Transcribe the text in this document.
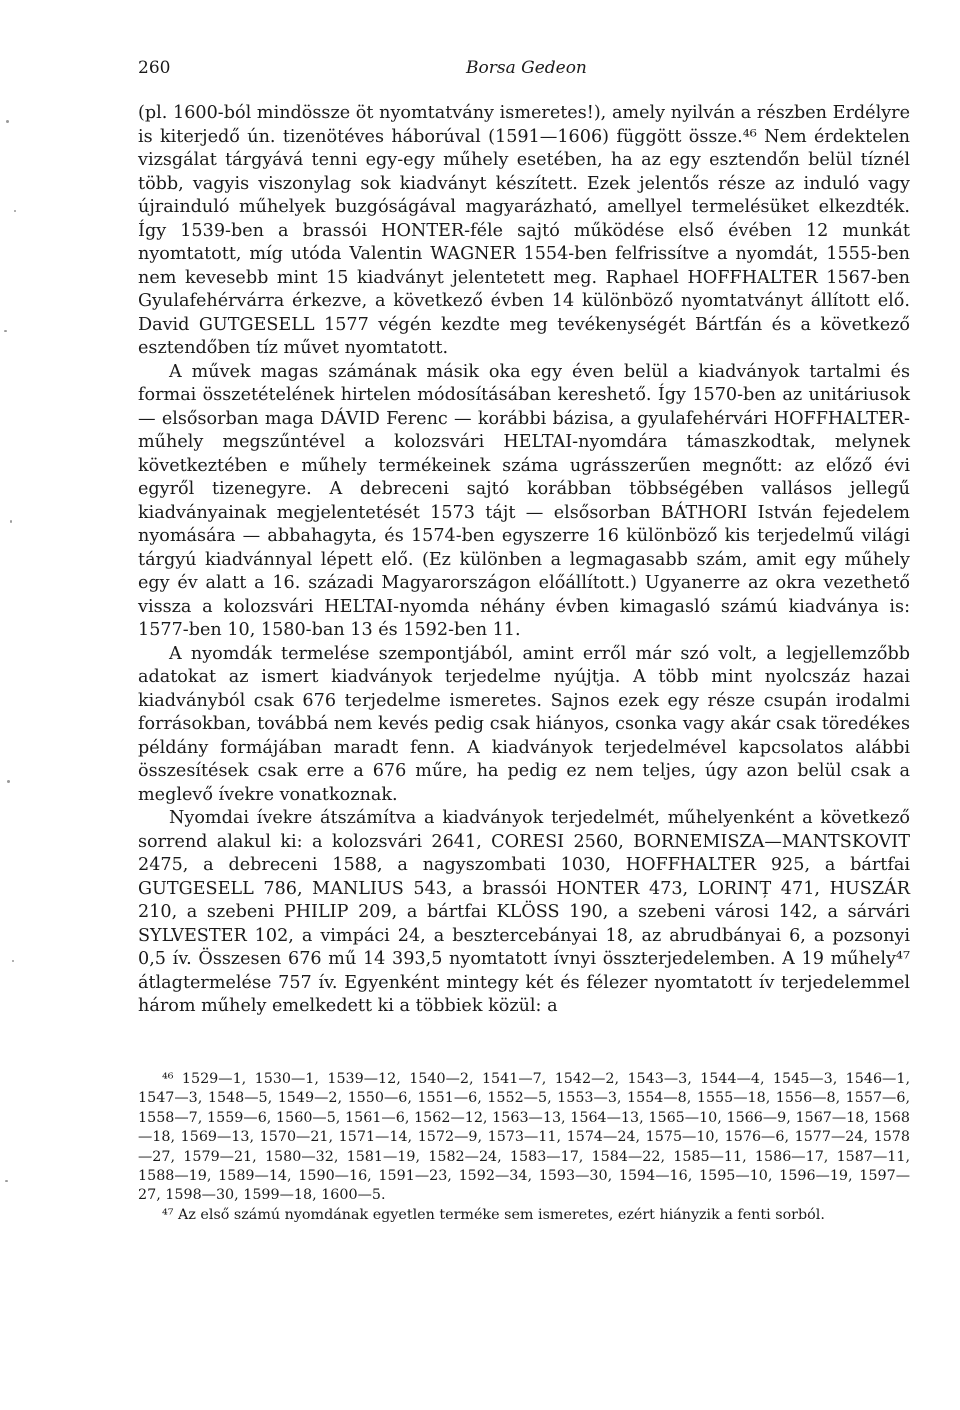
260	Borsa Gedeon

(pl. 1600-ból mindössze öt nyomtatvány ismeretes!), amely nyilván a részben Erdélyre is kiterjedő ún. tizenötéves háborúval (1591—1606) függött össze.⁴⁶ Nem érdektelen vizsgálat tárgyává tenni egy-egy műhely esetében, ha az egy esztendőn belül tíznél több, vagyis viszonylag sok kiadványt készített. Ezek jelentős része az induló vagy újrainduló műhelyek buzgóságával magyarázható, amellyel termelésüket elkezdték. Így 1539-ben a brassói HONTER-féle sajtó működése első évében 12 munkát nyomtatott, míg utóda Valentin WAGNER 1554-ben felfrissítve a nyomdát, 1555-ben nem kevesebb mint 15 kiadványt jelentetett meg. Raphael HOFFHALTER 1567-ben Gyulafehérvárra érkezve, a következő évben 14 különböző nyomtatványt állított elő. David GUTGESELL 1577 végén kezdte meg tevékenységét Bártfán és a következő esztendőben tíz művet nyomtatott.

A művek magas számának másik oka egy éven belül a kiadványok tartalmi és formai összetételének hirtelen módosításában kereshető. Így 1570-ben az unitáriusok — elsősorban maga DÁVID Ferenc — korábbi bázisa, a gyulafehérvári HOFFHALTER-műhely megszűntével a kolozsvári HELTAI-nyomdára támaszkodtak, melynek következtében e műhely termékeinek száma ugrásszerűen megnőtt: az előző évi egyről tizenegyre. A debreceni sajtó korábban többségében vallásos jellegű kiadványainak megjelentetését 1573 tájt — elsősorban BÁTHORI István fejedelem nyomására — abbahagyta, és 1574-ben egyszerre 16 különböző kis terjedelmű világi tárgyú kiadvánnyal lépett elő. (Ez különben a legmagasabb szám, amit egy műhely egy év alatt a 16. századi Magyarországon előállított.) Ugyanerre az okra vezethető vissza a kolozsvári HELTAI-nyomda néhány évben kimagasló számú kiadványa is: 1577-ben 10, 1580-ban 13 és 1592-ben 11.

A nyomdák termelése szempontjából, amint erről már szó volt, a legjellemzőbb adatokat az ismert kiadványok terjedelme nyújtja. A több mint nyolcszáz hazai kiadványból csak 676 terjedelme ismeretes. Sajnos ezek egy része csupán irodalmi forrásokban, továbbá nem kevés pedig csak hiányos, csonka vagy akár csak töredékes példány formájában maradt fenn. A kiadványok terjedelmével kapcsolatos alábbi összesítések csak erre a 676 műre, ha pedig ez nem teljes, úgy azon belül csak a meglevő ívekre vonatkoznak.

Nyomdai ívekre átszámítva a kiadványok terjedelmét, műhelyenként a következő sorrend alakul ki: a kolozsvári 2641, CORESI 2560, BORNEMISZA—MANTSKOVIT 2475, a debreceni 1588, a nagyszombati 1030, HOFFHALTER 925, a bártfai GUTGESELL 786, MANLIUS 543, a brassói HONTER 473, LORINȚ 471, HUSZÁR 210, a szebeni PHILIP 209, a bártfai KLÖSS 190, a szebeni városi 142, a sárvári SYLVESTER 102, a vimpáci 24, a besztercebányai 18, az abrudbányai 6, a pozsonyi 0,5 ív. Összesen 676 mű 14 393,5 nyomtatott ívnyi összterjedelemben. A 19 műhely⁴⁷ átlagtermelése 757 ív. Egyenként mintegy két és félezer nyomtatott ív terjedelemmel három műhely emelkedett ki a többiek közül: a

⁴⁶ 1529—1, 1530—1, 1539—12, 1540—2, 1541—7, 1542—2, 1543—3, 1544—4, 1545—3, 1546—1, 1547—3, 1548—5, 1549—2, 1550—6, 1551—6, 1552—5, 1553—3, 1554—8, 1555—18, 1556—8, 1557—6, 1558—7, 1559—6, 1560—5, 1561—6, 1562—12, 1563—13, 1564—13, 1565—10, 1566—9, 1567—18, 1568—18, 1569—13, 1570—21, 1571—14, 1572—9, 1573—11, 1574—24, 1575—10, 1576—6, 1577—24, 1578—27, 1579—21, 1580—32, 1581—19, 1582—24, 1583—17, 1584—22, 1585—11, 1586—17, 1587—11, 1588—19, 1589—14, 1590—16, 1591—23, 1592—34, 1593—30, 1594—16, 1595—10, 1596—19, 1597—27, 1598—30, 1599—18, 1600—5.

⁴⁷ Az első számú nyomdának egyetlen terméke sem ismeretes, ezért hiányzik a fenti sorból.
